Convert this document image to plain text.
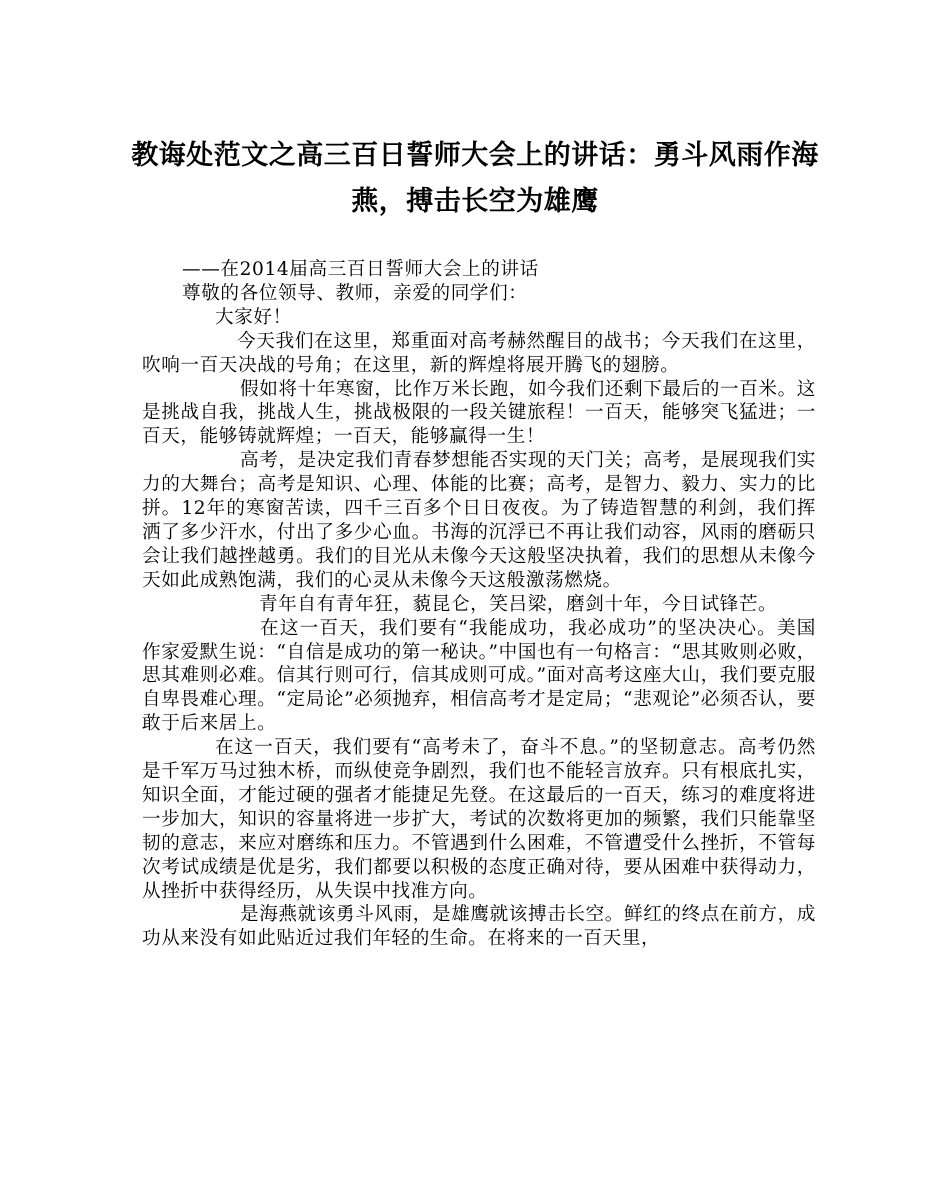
教诲处范文之高三百日誓师大会上的讲话：勇斗风雨作海燕，搏击长空为雄鹰

——在2014届高三百日誓师大会上的讲话

尊敬的各位领导、教师，亲爱的同学们：

大家好！

今天我们在这里，郑重面对高考赫然醒目的战书；今天我们在这里，吹响一百天决战的号角；在这里，新的辉煌将展开腾飞的翅膀。

假如将十年寒窗，比作万米长跑，如今我们还剩下最后的一百米。这是挑战自我，挑战人生，挑战极限的一段关键旅程！一百天，能够突飞猛进；一百天，能够铸就辉煌；一百天，能够赢得一生！

高考，是决定我们青春梦想能否实现的天门关；高考，是展现我们实力的大舞台；高考是知识、心理、体能的比赛；高考，是智力、毅力、实力的比拼。12年的寒窗苦读，四千三百多个日日夜夜。为了铸造智慧的利剑，我们挥洒了多少汗水，付出了多少心血。书海的沉浮已不再让我们动容，风雨的磨砺只会让我们越挫越勇。我们的目光从未像今天这般坚决执着，我们的思想从未像今天如此成熟饱满，我们的心灵从未像今天这般激荡燃烧。

青年自有青年狂，藐昆仑，笑吕梁，磨剑十年，今日试锋芒。

在这一百天，我们要有“我能成功，我必成功”的坚决决心。美国作家爱默生说：“自信是成功的第一秘诀。”中国也有一句格言：“思其败则必败，思其难则必难。信其行则可行，信其成则可成。”面对高考这座大山，我们要克服自卑畏难心理。“定局论”必须抛弃，相信高考才是定局；“悲观论”必须否认，要敢于后来居上。

在这一百天，我们要有“高考未了，奋斗不息。”的坚韧意志。高考仍然是千军万马过独木桥，而纵使竞争剧烈，我们也不能轻言放弃。只有根底扎实，知识全面，才能过硬的强者才能捷足先登。在这最后的一百天，练习的难度将进一步加大，知识的容量将进一步扩大，考试的次数将更加的频繁，我们只能靠坚韧的意志，来应对磨练和压力。不管遇到什么困难，不管遭受什么挫折，不管每次考试成绩是优是劣，我们都要以积极的态度正确对待，要从困难中获得动力，从挫折中获得经历，从失误中找准方向。

是海燕就该勇斗风雨，是雄鹰就该搏击长空。鲜红的终点在前方，成功从来没有如此贴近过我们年轻的生命。在将来的一百天里，
